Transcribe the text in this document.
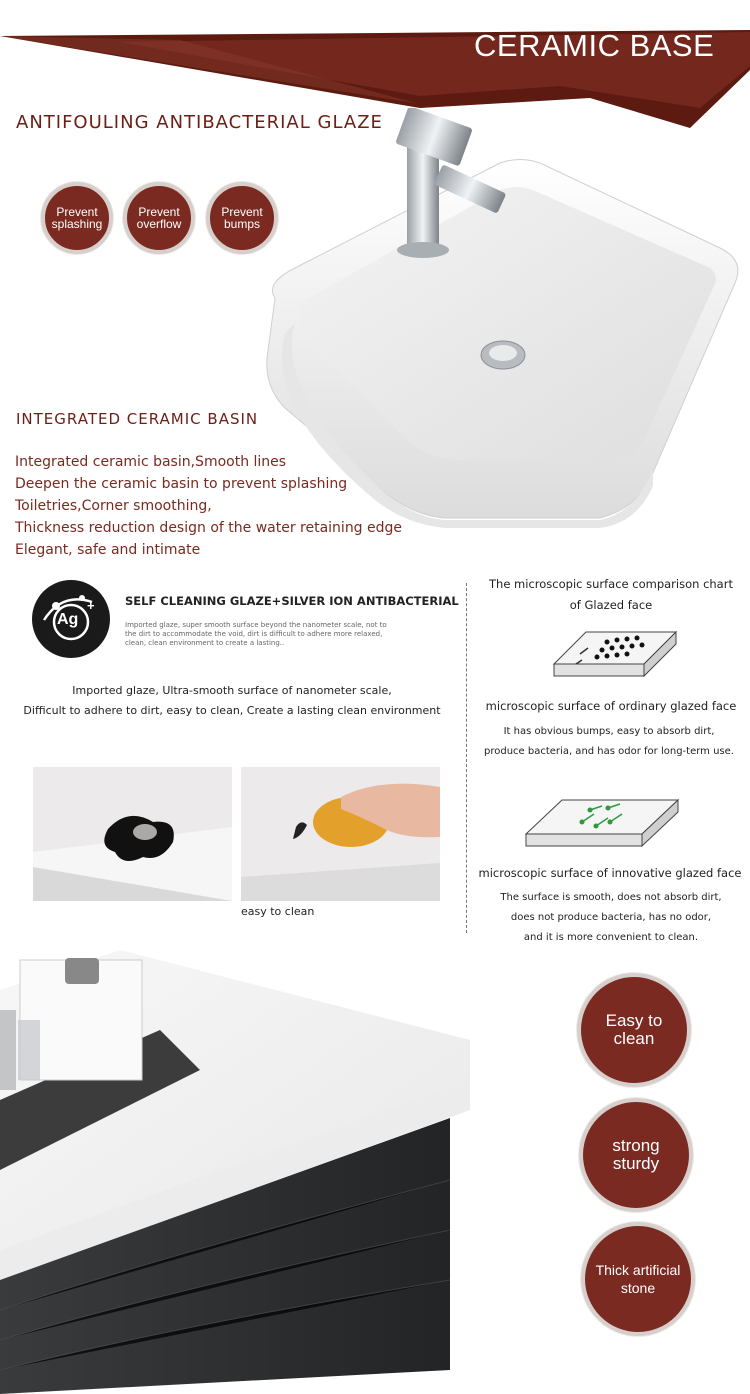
CERAMIC BASE
ANTIFOULING ANTIBACTERIAL GLAZE
Prevent
splashing
Prevent
overflow
Prevent
bumps
INTEGRATED CERAMIC BASIN
Integrated ceramic basin,Smooth lines
Deepen the ceramic basin to prevent splashing
Toiletries,Corner smoothing,
Thickness reduction design of the water retaining edge
Elegant, safe and intimate
Ag
+	SELF CLEANING GLAZE+SILVER ION ANTIBACTERIAL
Imported glaze, super smooth surface beyond the nanometer scale, not to
the dirt to accommodate the void, dirt is difficult to adhere more relaxed,
clean, clean environment to create a lasting..
Imported glaze, Ultra-smooth surface of nanometer scale,
Difficult to adhere to dirt, easy to clean, Create a lasting clean environment
easy to clean
The microscopic surface comparison chart
of Glazed face
microscopic surface of ordinary glazed face
It has obvious bumps, easy to absorb dirt,
produce bacteria, and has odor for long-term use.
microscopic surface of innovative glazed face
The surface is smooth, does not absorb dirt,
does not produce bacteria, has no odor,
and it is more convenient to clean.
Easy to
clean
strong
sturdy
Thick artificial
stone
